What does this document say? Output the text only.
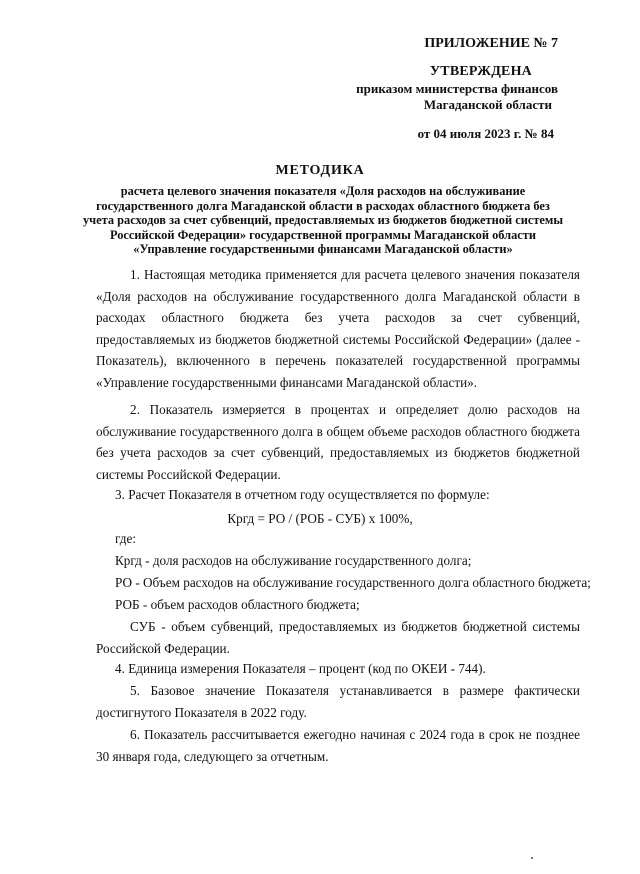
ПРИЛОЖЕНИЕ № 7
УТВЕРЖДЕНА
приказом министерства финансов
Магаданской области
от 04 июля 2023 г. № 84
МЕТОДИКА
расчета целевого значения показателя «Доля расходов на обслуживание государственного долга Магаданской области в расходах областного бюджета без учета расходов за счет субвенций, предоставляемых из бюджетов бюджетной системы Российской Федерации» государственной программы Магаданской области «Управление государственными финансами Магаданской области»
1. Настоящая методика применяется для расчета целевого значения показателя «Доля расходов на обслуживание государственного долга Магаданской области в расходах областного бюджета без учета расходов за счет субвенций, предоставляемых из бюджетов бюджетной системы Российской Федерации» (далее - Показатель), включенного в перечень показателей государственной программы «Управление государственными финансами Магаданской области».
2. Показатель измеряется в процентах и определяет долю расходов на обслуживание государственного долга в общем объеме расходов областного бюджета без учета расходов за счет субвенций, предоставляемых из бюджетов бюджетной системы Российской Федерации.
3. Расчет Показателя в отчетном году осуществляется по формуле:
Кргд = РО / (РОБ - СУБ) х 100%,
где:
Кргд - доля расходов на обслуживание государственного долга;
РО - Объем расходов на обслуживание государственного долга областного бюджета;
РОБ - объем расходов областного бюджета;
СУБ - объем субвенций, предоставляемых из бюджетов бюджетной системы Российской Федерации.
4. Единица измерения Показателя – процент (код по ОКЕИ - 744).
5. Базовое значение Показателя устанавливается в размере фактически достигнутого Показателя в 2022 году.
6. Показатель рассчитывается ежегодно начиная с 2024 года в срок не позднее 30 января года, следующего за отчетным.
